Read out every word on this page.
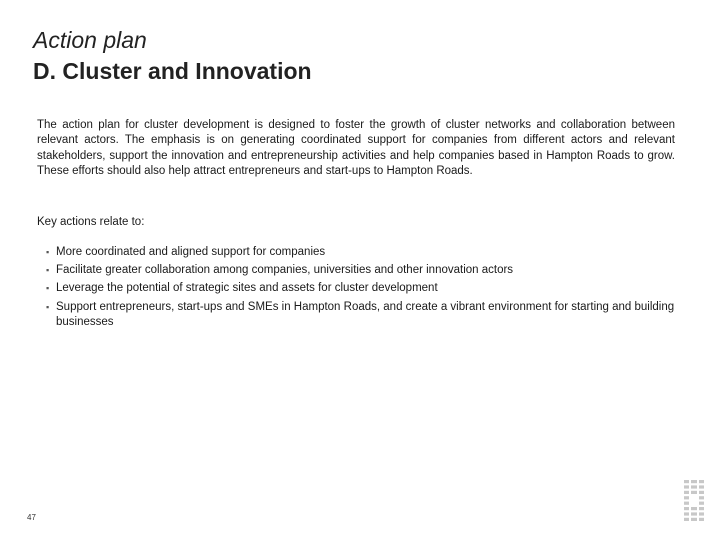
Action plan
D. Cluster and Innovation

The action plan for cluster development is designed to foster the growth of cluster networks and collaboration between relevant actors. The emphasis is on generating coordinated support for companies from different actors and relevant stakeholders, support the innovation and entrepreneurship activities and help companies based in Hampton Roads to grow. These efforts should also help attract entrepreneurs and start-ups to Hampton Roads.

Key actions relate to:

▪ More coordinated and aligned support for companies
▪ Facilitate greater collaboration among companies, universities and other innovation actors
▪ Leverage the potential of strategic sites and assets for cluster development
▪ Support entrepreneurs, start-ups and SMEs in Hampton Roads, and create a vibrant environment for starting and building businesses
47
